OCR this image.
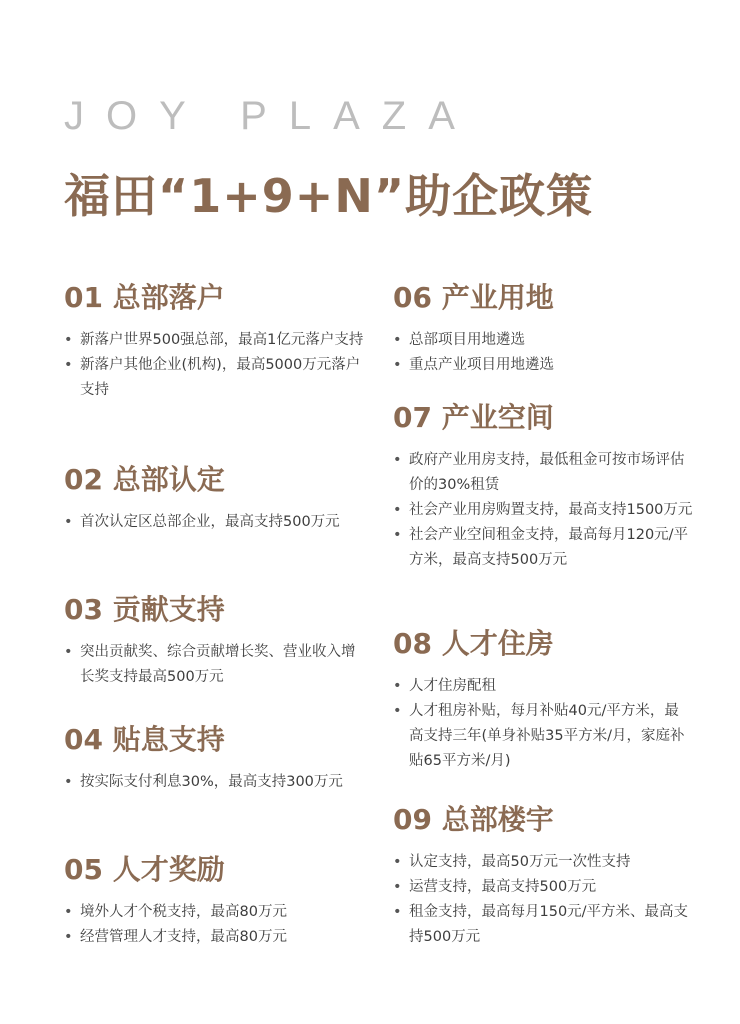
JOY PLAZA
福田“1+9+N”助企政策
01 总部落户
• 新落户世界500强总部，最高1亿元落户支持
• 新落户其他企业(机构)，最高5000万元落户支持
02 总部认定
• 首次认定区总部企业，最高支持500万元
03 贡献支持
• 突出贡献奖、综合贡献增长奖、营业收入增长奖支持最高500万元
04 贴息支持
• 按实际支付利息30%，最高支持300万元
05 人才奖励
• 境外人才个税支持，最高80万元
• 经营管理人才支持，最高80万元
06 产业用地
• 总部项目用地遴选
• 重点产业项目用地遴选
07 产业空间
• 政府产业用房支持，最低租金可按市场评估价的30%租赁
• 社会产业用房购置支持，最高支持1500万元
• 社会产业空间租金支持，最高每月120元/平方米，最高支持500万元
08 人才住房
• 人才住房配租
• 人才租房补贴，每月补贴40元/平方米，最高支持三年(单身补贴35平方米/月，家庭补贴65平方米/月)
09 总部楼宇
• 认定支持，最高50万元一次性支持
• 运营支持，最高支持500万元
• 租金支持，最高每月150元/平方米、最高支持500万元
